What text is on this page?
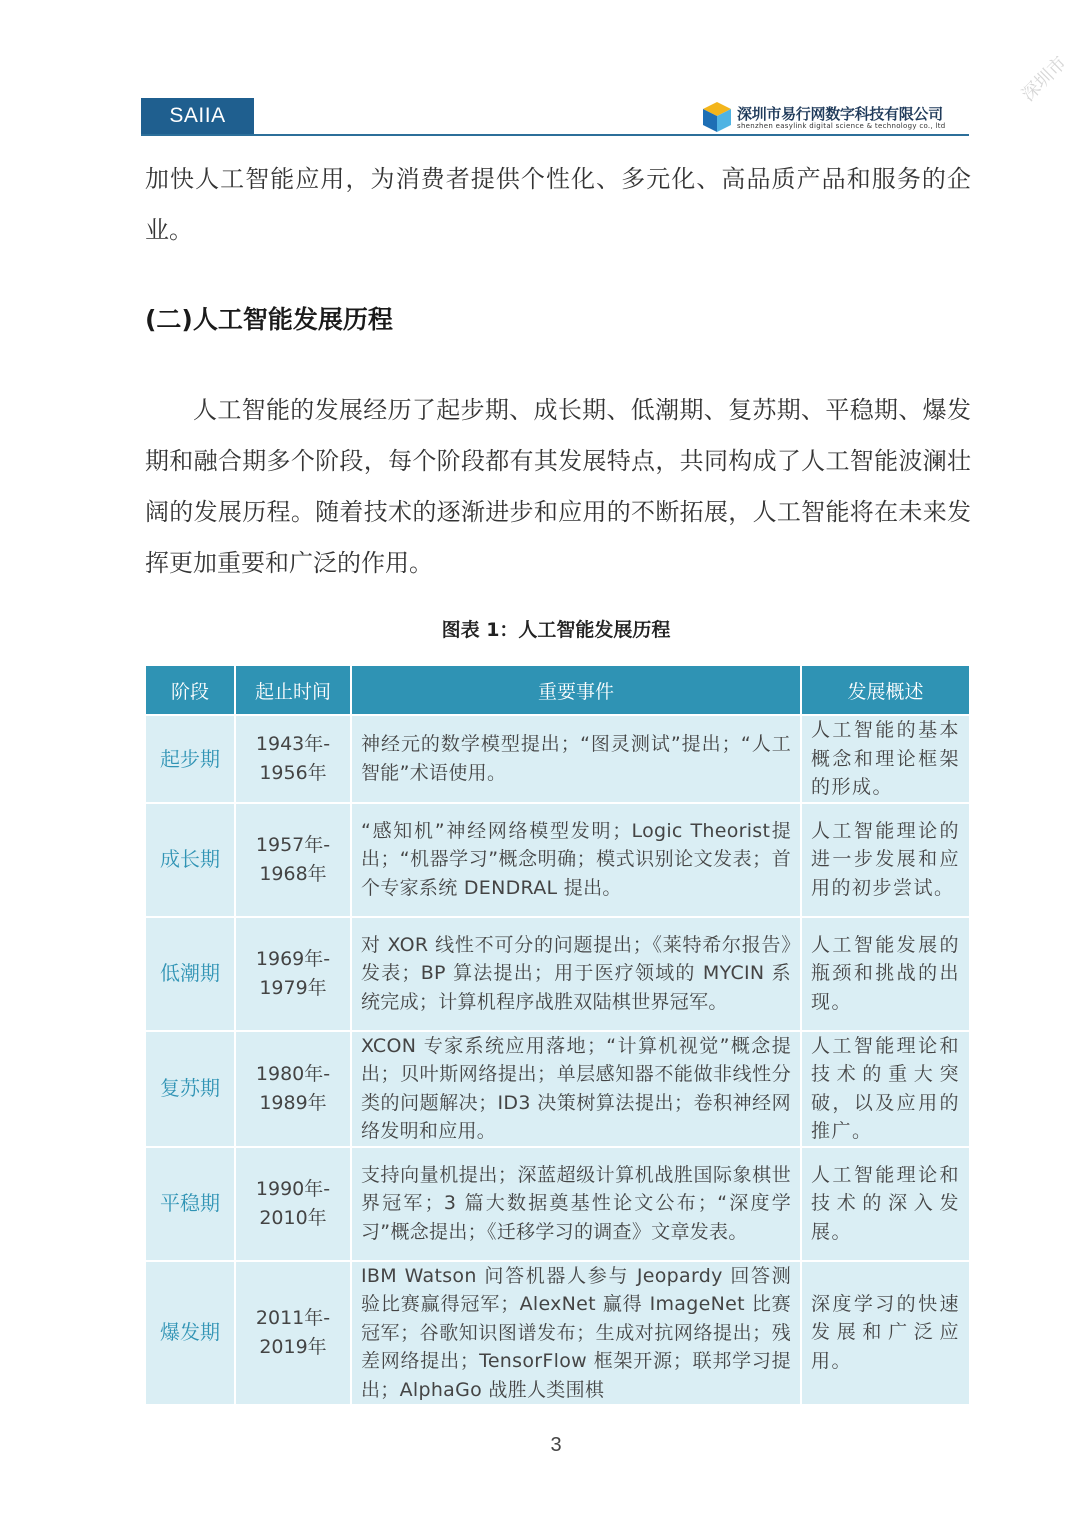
SAIIA	深圳市易行网数字科技有限公司
shenzhen easylink digital science & technology co., ltd
深圳市

加快人工智能应用，为消费者提供个性化、多元化、高品质产品和服务的企业。

(二)人工智能发展历程

人工智能的发展经历了起步期、成长期、低潮期、复苏期、平稳期、爆发期和融合期多个阶段，每个阶段都有其发展特点，共同构成了人工智能波澜壮阔的发展历程。随着技术的逐渐进步和应用的不断拓展，人工智能将在未来发挥更加重要和广泛的作用。

图表 1：人工智能发展历程
阶段	起止时间	重要事件	发展概述
起步期	1943年-
1956年	神经元的数学模型提出；“图灵测试”提出；“人工智能”术语使用。	人工智能的基本概念和理论框架的形成。

成长期	1957年-
1968年	“感知机”神经网络模型发明；Logic Theorist提出；“机器学习”概念明确；模式识别论文发表；首个专家系统 DENDRAL 提出。	人工智能理论的进一步发展和应用的初步尝试。

低潮期	1969年-
1979年	对 XOR 线性不可分的问题提出；《莱特希尔报告》发表；BP 算法提出；用于医疗领域的 MYCIN 系统完成；计算机程序战胜双陆棋世界冠军。	人工智能发展的瓶颈和挑战的出现。

复苏期	1980年-
1989年	XCON 专家系统应用落地；“计算机视觉”概念提出；贝叶斯网络提出；单层感知器不能做非线性分类的问题解决；ID3 决策树算法提出；卷积神经网络发明和应用。	人工智能理论和技术的重大突破，以及应用的推广。

平稳期	1990年-
2010年	支持向量机提出；深蓝超级计算机战胜国际象棋世界冠军；3 篇大数据奠基性论文公布；“深度学习”概念提出；《迁移学习的调查》文章发表。	人工智能理论和技术的深入发展。

爆发期	2011年-
2019年	IBM Watson 问答机器人参与 Jeopardy 回答测验比赛赢得冠军；AlexNet 赢得 ImageNet 比赛冠军；谷歌知识图谱发布；生成对抗网络提出；残差网络提出；TensorFlow 框架开源；联邦学习提出；AlphaGo 战胜人类围棋	深度学习的快速发展和广泛应用。
3
